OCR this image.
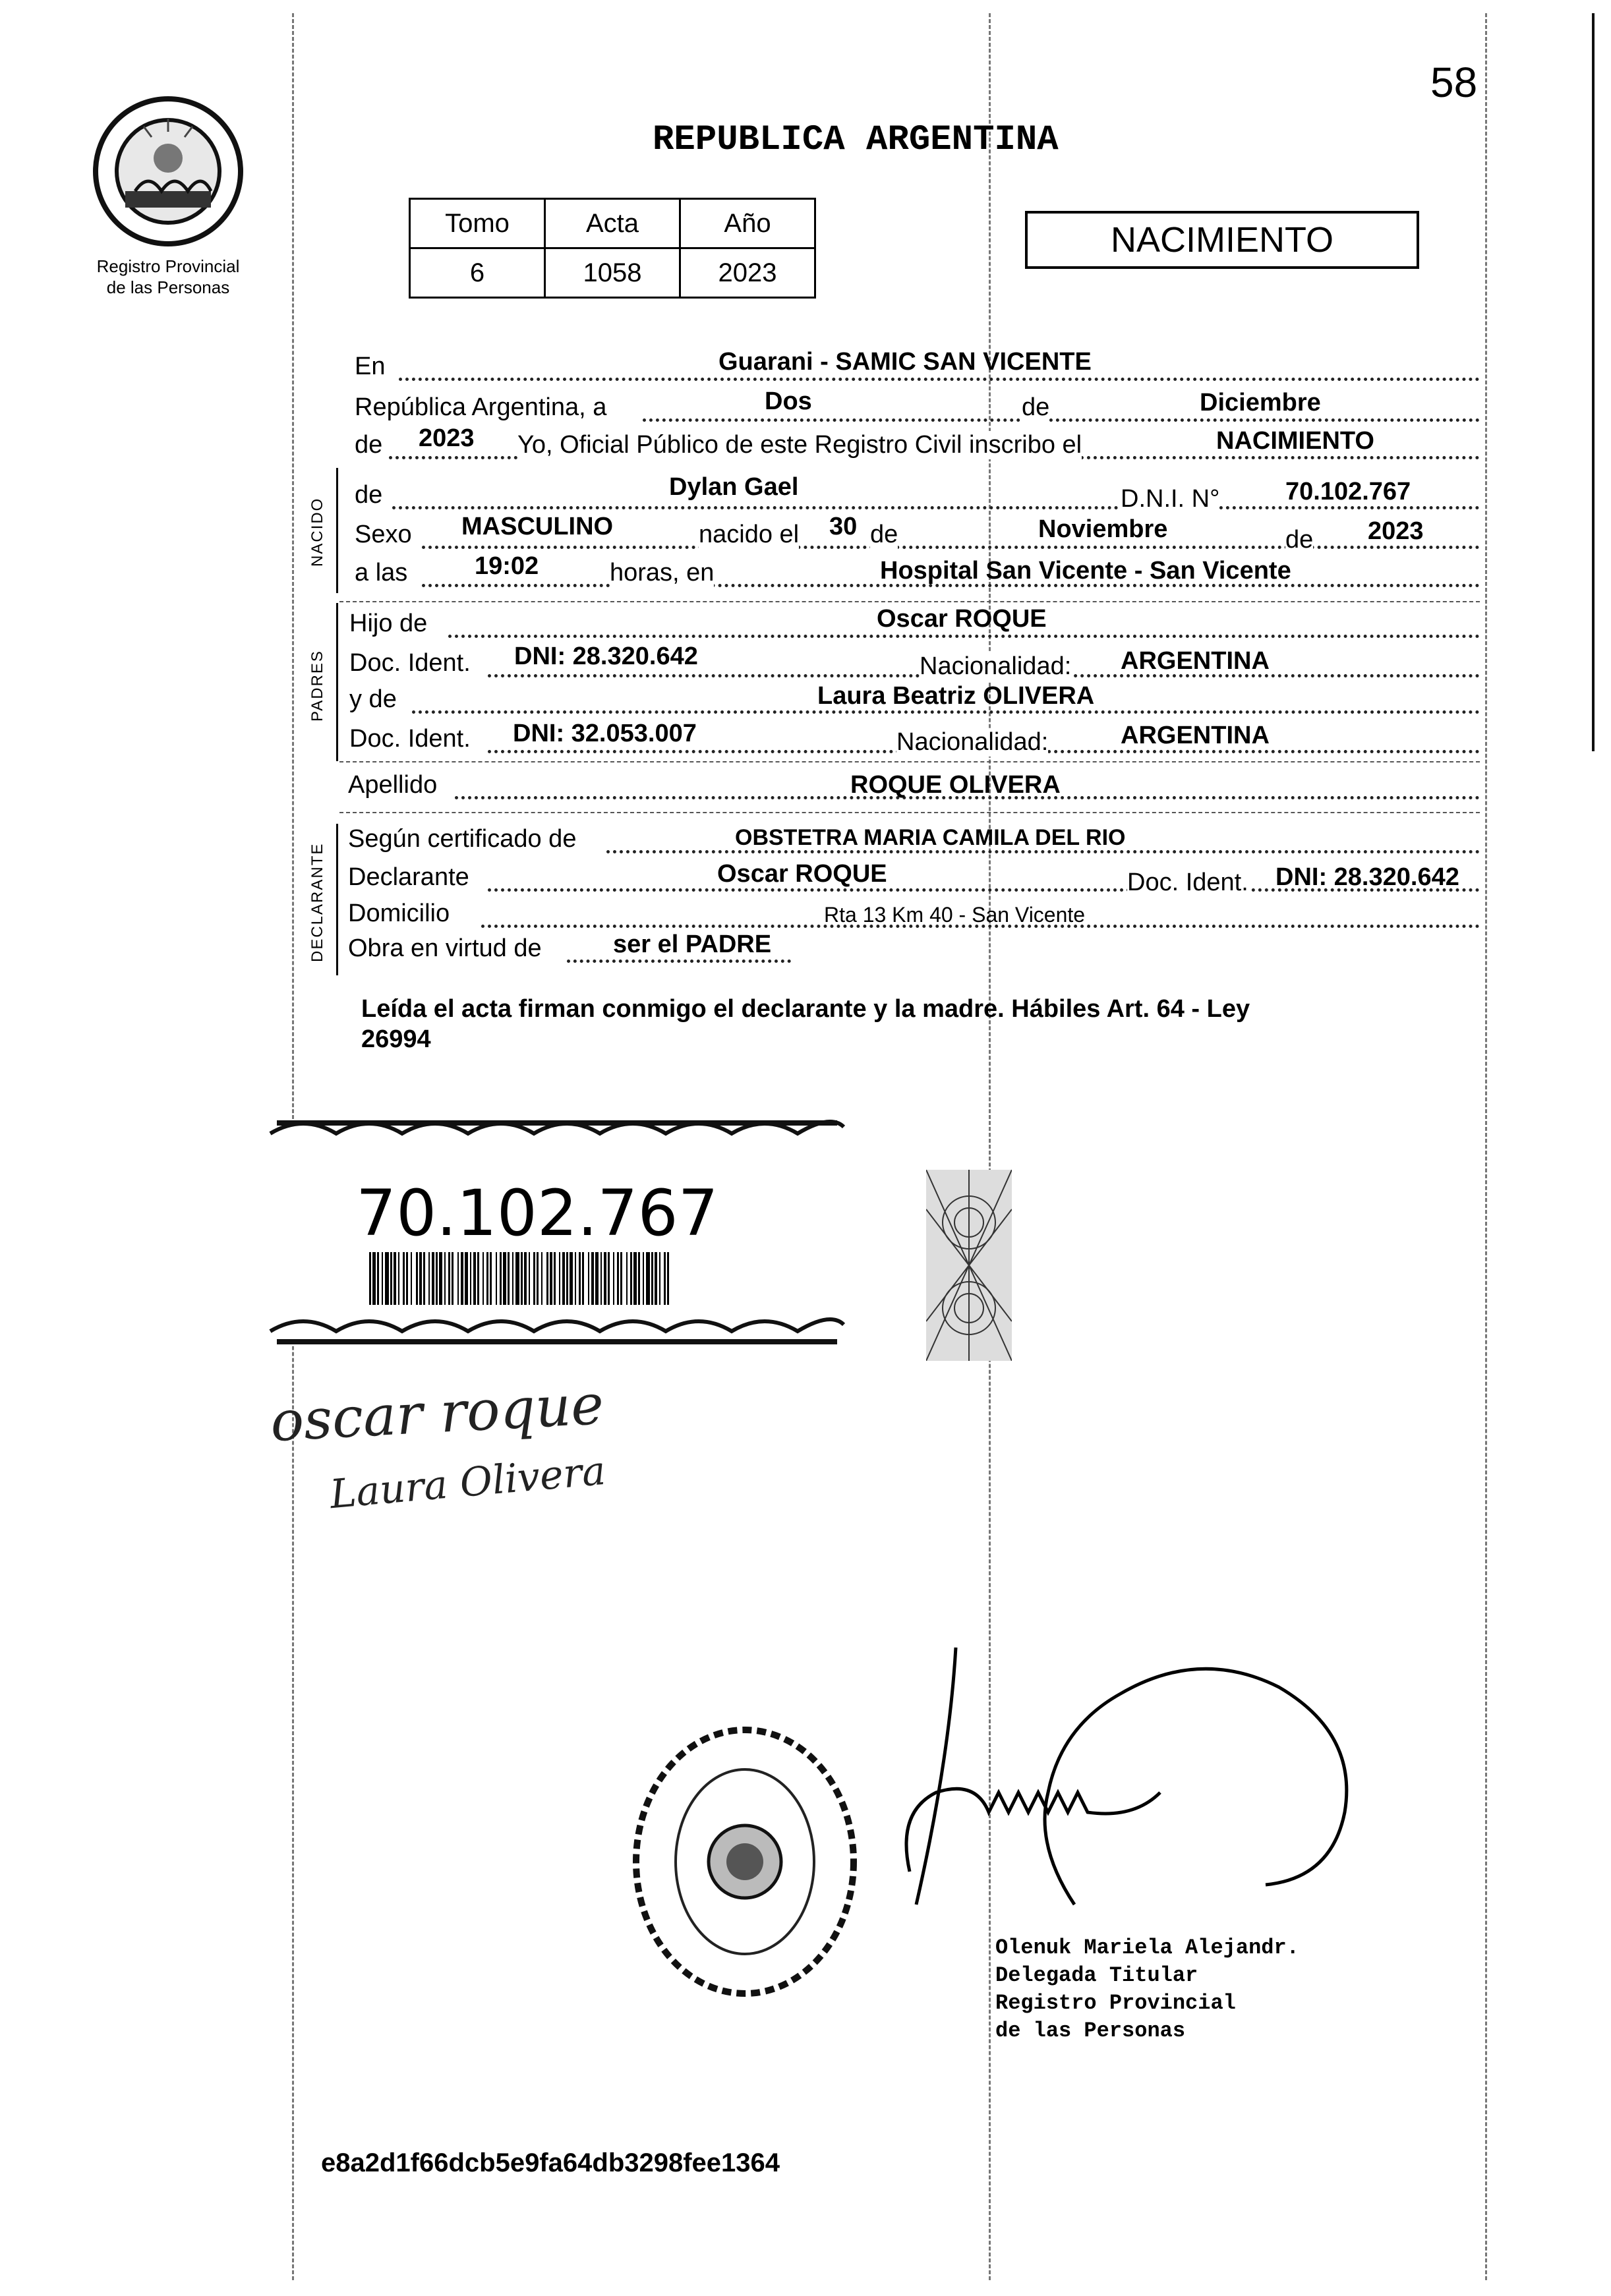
58
Registro Provincial
de las Personas
REPUBLICA ARGENTINA
Tomo	Acta	Año
6	1058	2023
NACIMIENTO
NACIDO
PADRES
DECLARANTE
En	Guarani - SAMIC SAN VICENTE
República Argentina, a	Dos	de	Diciembre
de 2023 Yo, Oficial Público de este Registro Civil inscribo el	NACIMIENTO
de	Dylan Gael	D.N.I. N°	70.102.767
Sexo MASCULINO	nacido el 30 de	Noviembre	de 2023
a las	19:02	horas, en	Hospital San Vicente - San Vicente
Hijo de	Oscar ROQUE
Doc. Ident. DNI: 28.320.642	Nacionalidad: ARGENTINA
y de	Laura Beatriz OLIVERA
Doc. Ident. DNI: 32.053.007	Nacionalidad:	ARGENTINA
Apellido	ROQUE OLIVERA
Según certificado de	OBSTETRA MARIA CAMILA DEL RIO
Declarante	Oscar ROQUE	Doc. Ident. DNI: 28.320.642
Domicilio	Rta 13 Km 40 - San Vicente
Obra en virtud de	ser el PADRE
Leída el acta firman conmigo el declarante y la madre. Hábiles Art. 64 - Ley
26994
70.102.767
oscar roque
Laura Olivera
Olenuk Mariela Alejandr.
Delegada Titular
Registro Provincial
de las Personas
e8a2d1f66dcb5e9fa64db3298fee1364
